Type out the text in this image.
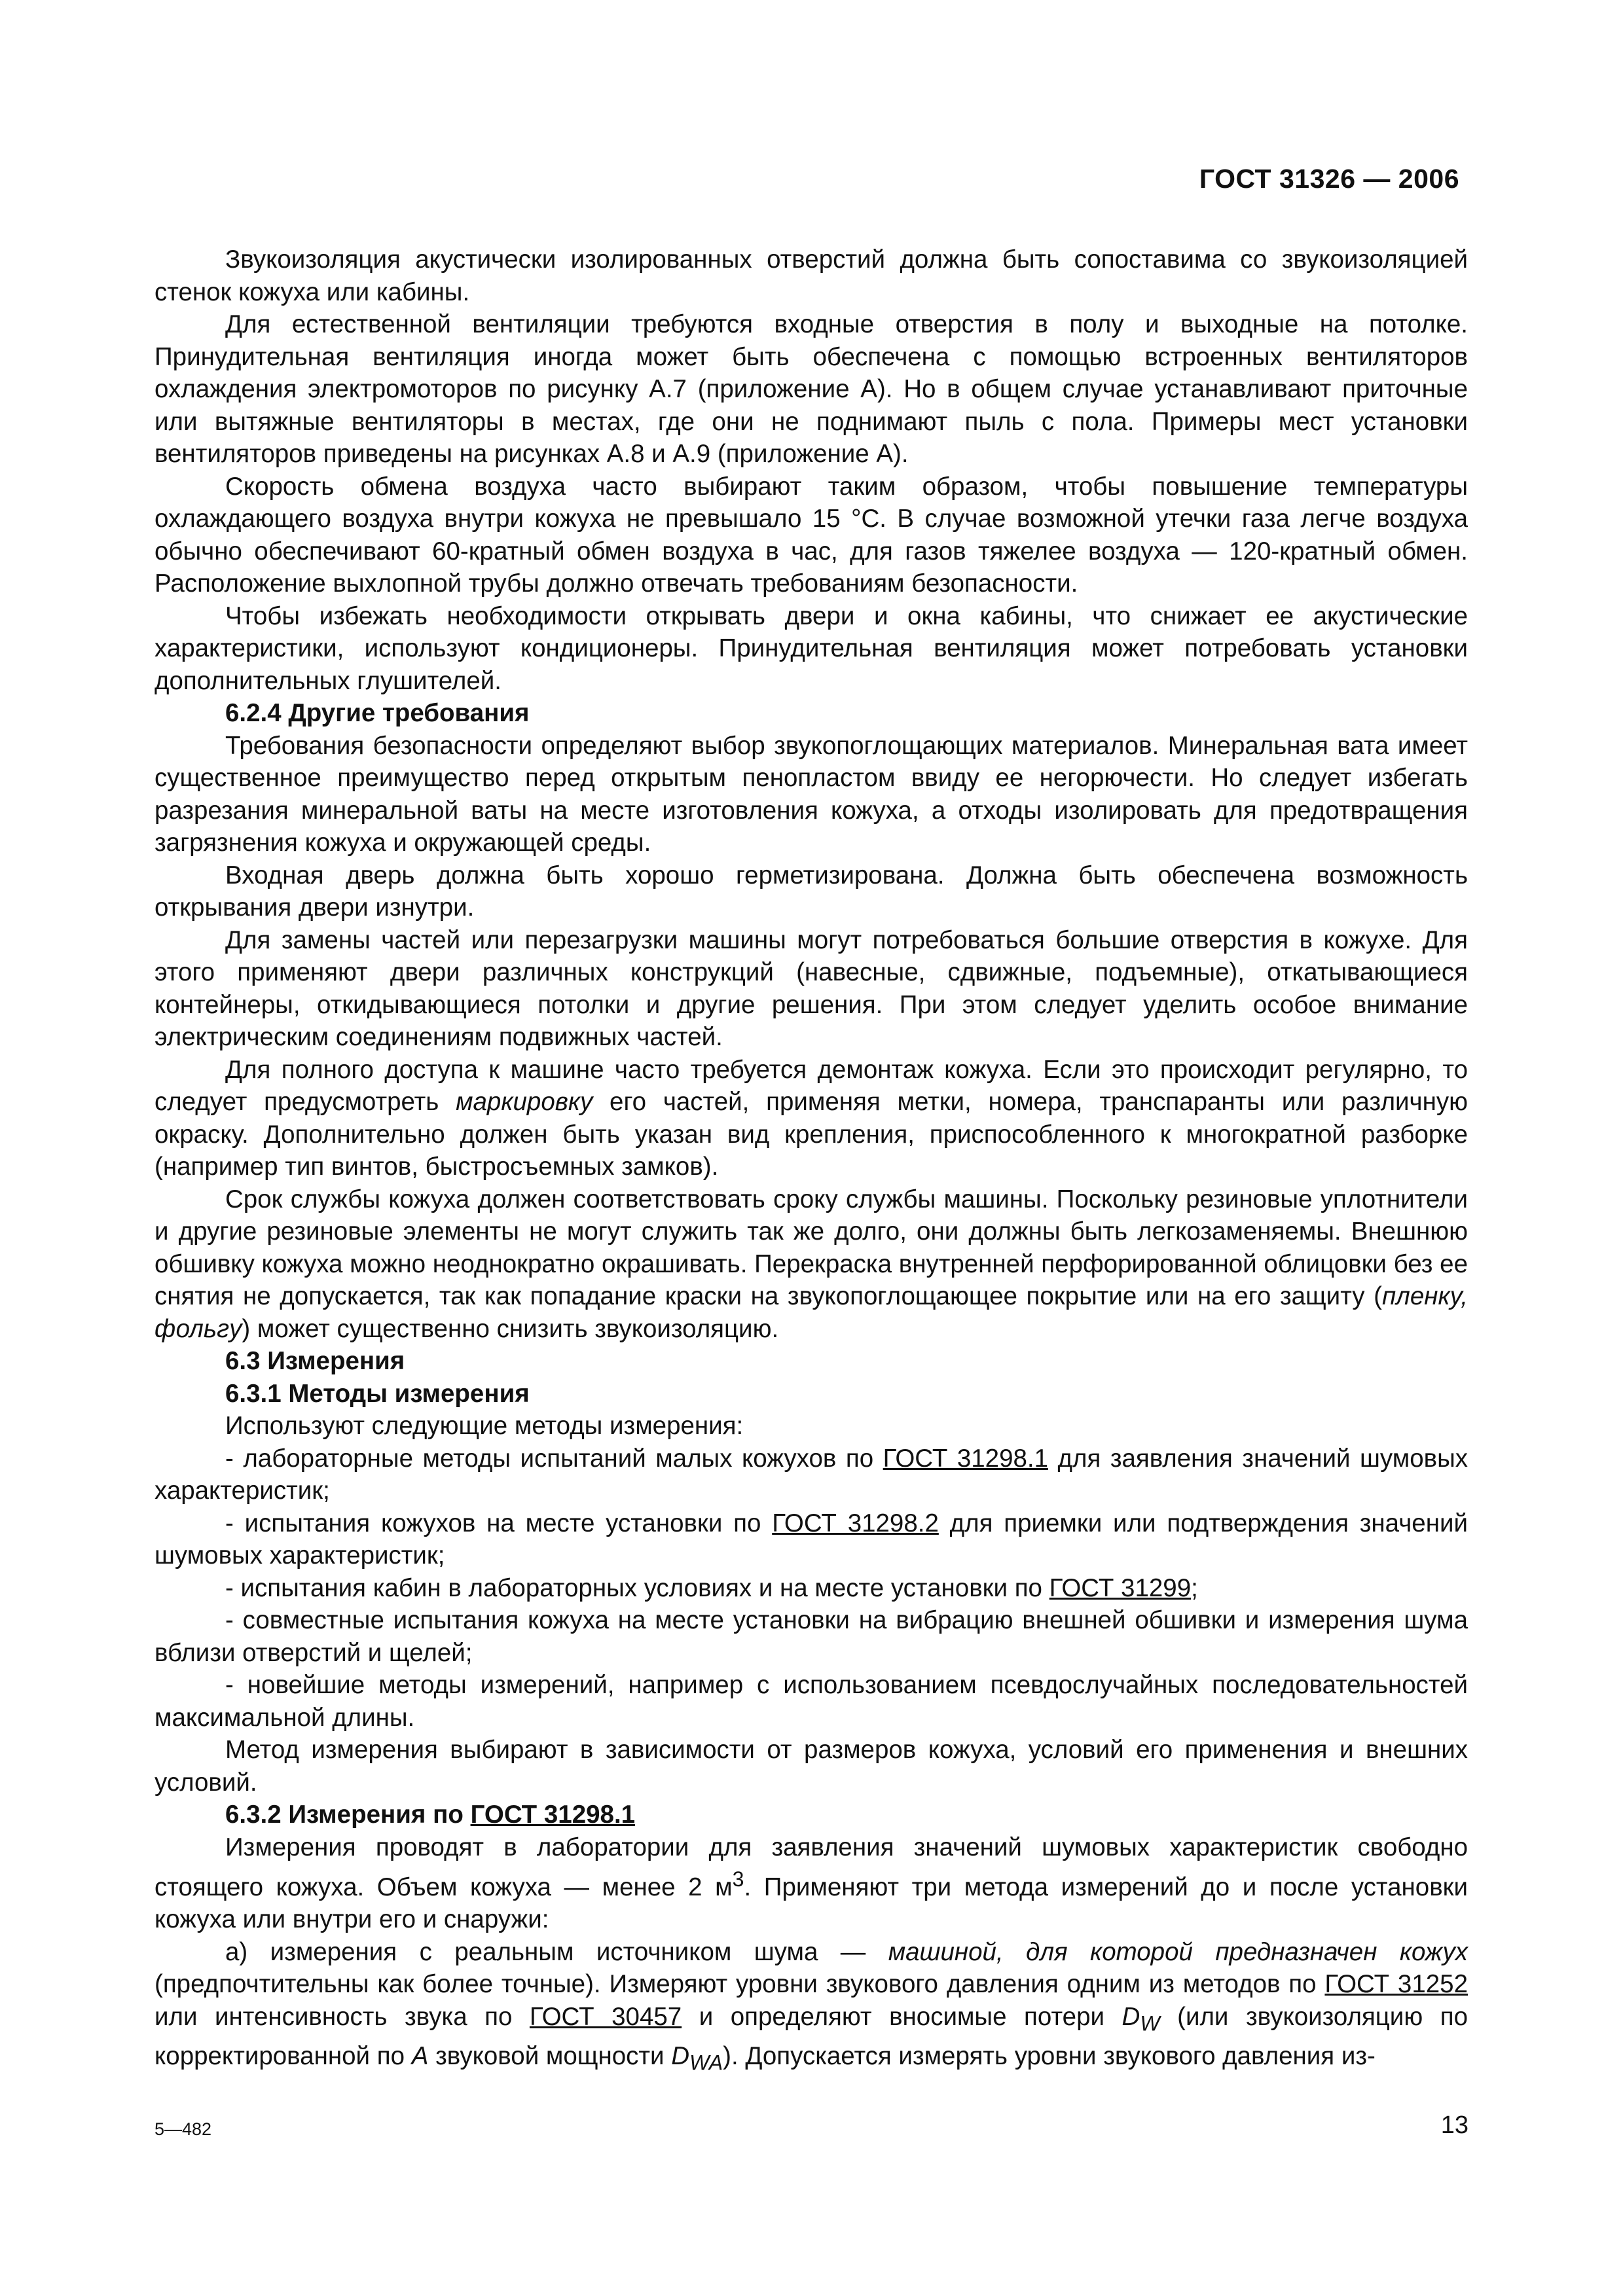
ГОСТ 31326 — 2006

Звукоизоляция акустически изолированных отверстий должна быть сопоставима со звукоизоляцией стенок кожуха или кабины.

Для естественной вентиляции требуются входные отверстия в полу и выходные на потолке. Принудительная вентиляция иногда может быть обеспечена с помощью встроенных вентиляторов охлаждения электромоторов по рисунку А.7 (приложение А). Но в общем случае устанавливают приточные или вытяжные вентиляторы в местах, где они не поднимают пыль с пола. Примеры мест установки вентиляторов приведены на рисунках А.8 и А.9 (приложение А).

Скорость обмена воздуха часто выбирают таким образом, чтобы повышение температуры охлаждающего воздуха внутри кожуха не превышало 15 °С. В случае возможной утечки газа легче воздуха обычно обеспечивают 60-кратный обмен воздуха в час, для газов тяжелее воздуха — 120-кратный обмен. Расположение выхлопной трубы должно отвечать требованиям безопасности.

Чтобы избежать необходимости открывать двери и окна кабины, что снижает ее акустические характеристики, используют кондиционеры. Принудительная вентиляция может потребовать установки дополнительных глушителей.

6.2.4 Другие требования

Требования безопасности определяют выбор звукопоглощающих материалов. Минеральная вата имеет существенное преимущество перед открытым пенопластом ввиду ее негорючести. Но следует избегать разрезания минеральной ваты на месте изготовления кожуха, а отходы изолировать для предотвращения загрязнения кожуха и окружающей среды.

Входная дверь должна быть хорошо герметизирована. Должна быть обеспечена возможность открывания двери изнутри.

Для замены частей или перезагрузки машины могут потребоваться большие отверстия в кожухе. Для этого применяют двери различных конструкций (навесные, сдвижные, подъемные), откатывающиеся контейнеры, откидывающиеся потолки и другие решения. При этом следует уделить особое внимание электрическим соединениям подвижных частей.

Для полного доступа к машине часто требуется демонтаж кожуха. Если это происходит регулярно, то следует предусмотреть маркировку его частей, применяя метки, номера, транспаранты или различную окраску. Дополнительно должен быть указан вид крепления, приспособленного к многократной разборке (например тип винтов, быстросъемных замков).

Срок службы кожуха должен соответствовать сроку службы машины. Поскольку резиновые уплотнители и другие резиновые элементы не могут служить так же долго, они должны быть легкозаменяемы. Внешнюю обшивку кожуха можно неоднократно окрашивать. Перекраска внутренней перфорированной облицовки без ее снятия не допускается, так как попадание краски на звукопоглощающее покрытие или на его защиту (пленку, фольгу) может существенно снизить звукоизоляцию.

6.3 Измерения

6.3.1 Методы измерения

Используют следующие методы измерения:

- лабораторные методы испытаний малых кожухов по ГОСТ 31298.1 для заявления значений шумовых характеристик;
- испытания кожухов на месте установки по ГОСТ 31298.2 для приемки или подтверждения значений шумовых характеристик;
- испытания кабин в лабораторных условиях и на месте установки по ГОСТ 31299;
- совместные испытания кожуха на месте установки на вибрацию внешней обшивки и измерения шума вблизи отверстий и щелей;
- новейшие методы измерений, например с использованием псевдослучайных последовательностей максимальной длины.

Метод измерения выбирают в зависимости от размеров кожуха, условий его применения и внешних условий.

6.3.2 Измерения по ГОСТ 31298.1

Измерения проводят в лаборатории для заявления значений шумовых характеристик свободно стоящего кожуха. Объем кожуха — менее 2 $м^3$. Применяют три метода измерений до и после установки кожуха или внутри его и снаружи:

а) измерения с реальным источником шума — машиной, для которой предназначен кожух (предпочтительны как более точные). Измеряют уровни звукового давления одним из методов по ГОСТ 31252 или интенсивность звука по ГОСТ 30457 и определяют вносимые потери $D_W$ (или звукоизоляцию по корректированной по A звуковой мощности $D_{WA}$). Допускается измерять уровни звукового давления из-

5—482	13
